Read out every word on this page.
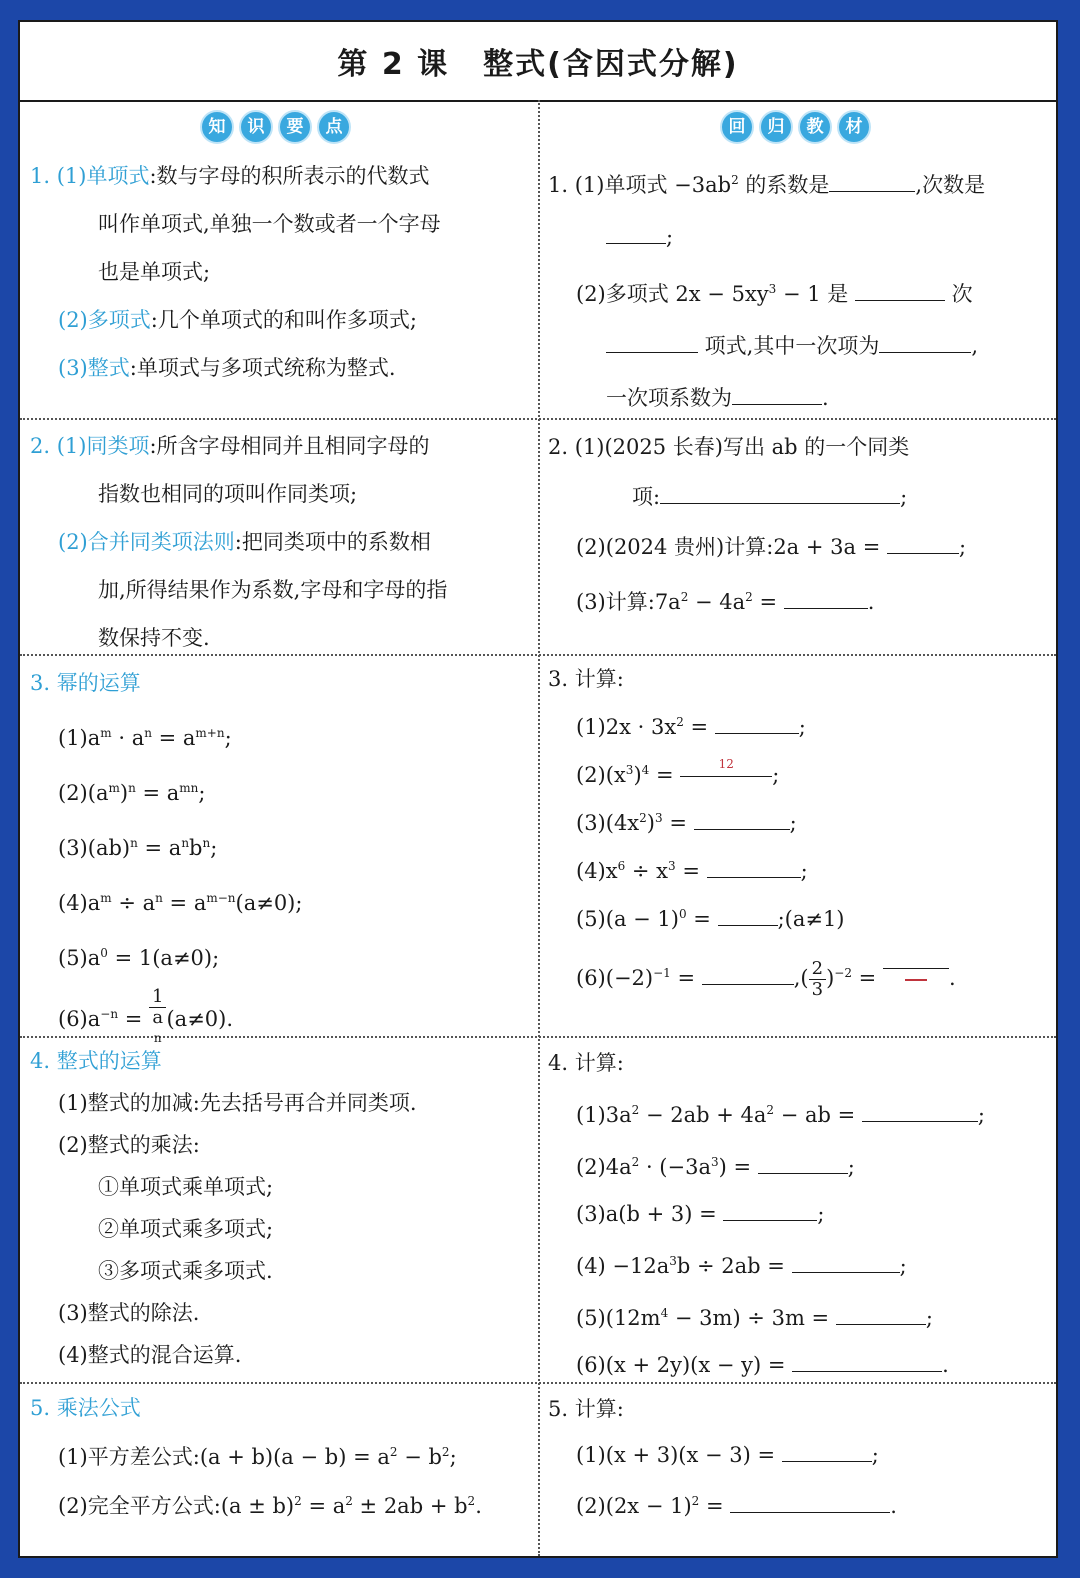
第 2 课 整式(含因式分解)
知	识	要	点	回	归	教	材
1. (1)单项式:数与字母的积所表示的代数式
叫作单项式,单独一个数或者一个字母
也是单项式;
(2)多项式:几个单项式的和叫作多项式;
(3)整式:单项式与多项式统称为整式.
2. (1)同类项:所含字母相同并且相同字母的
指数也相同的项叫作同类项;
(2)合并同类项法则:把同类项中的系数相
加,所得结果作为系数,字母和字母的指
数保持不变.
3. 幂的运算
$(1)a^m \cdot a^n = a^{m+n}$;
$(2)(a^m)^n = a^{mn}$;
$(3)(ab)^n = a^nb^n$;
$(4)a^m \div a^n = a^{m-n}(a\ne 0)$;
$(5)a^0 = 1(a\ne 0)$;
$(6)a^{-n} = 1$
a
$^n$ (a≠0).
4. 整式的运算
(1)整式的加减:先去括号再合并同类项.
(2)整式的乘法:
①单项式乘单项式;
②单项式乘多项式;
③多项式乘多项式.
(3)整式的除法.
(4)整式的混合运算.
5. 乘法公式
(1)平方差公式:(a + $b)(a - b) = a^2 - b^2$;
(2)完全平方公式:(a ± $b)^2 = a^2 \pm 2ab + b^2$.
1. (1)单项式 $-3ab^2$ 的系数是	,次数是
;
(2)多项式 $2x - 5xy^3 - 1$ 是	次
项式,其中一次项为	,
一次项系数为	.
2. (1)(2025 长春)写出 ab 的一个同类
项:	;
(2)(2024 贵州)计算:2a + 3a =	;
(3)计算$:7a^2 - 4a^2$ =	.
3. 计算:
$(1)2x \cdot 3x^2$ =	;
$(2)(x^3)^4$ =	$^{12}$ ;
$(3)(4x^2)^3$ =	;
$(4)x^6 \div x^3$ =	;
$(5)(a - 1)^0$ =	;(a≠1)
$(6)(-2)^{-1}$ =	,( $\frac{2}{3} )^{-2}$ =	.
4. 计算:
$(1)3a^2 - 2ab + 4a^2$ − ab =	;
$(2)4a^2 \cdot (-3a^3)$ =	;
(3)a(b + 3) =	;
$(4) -12a^3b \div 2ab$ =	;
$(5)(12m^4 - 3m) \div 3m$ =	;
(6)(x + 2y)(x − y) =	.
5. 计算:
(1)(x + 3)(x − 3) =	;
$(2)(2x - 1)^2$ =	.
